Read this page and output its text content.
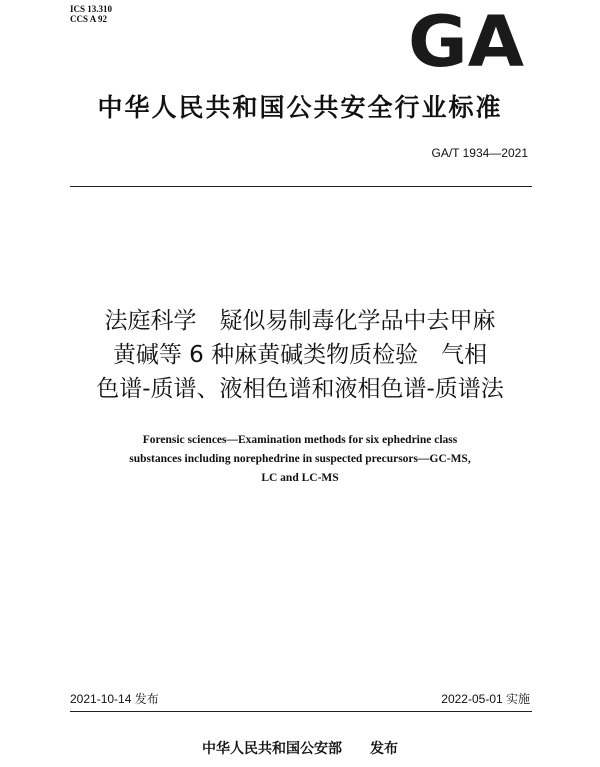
ICS 13.310
CCS A 92	GA
中华人民共和国公共安全行业标准
GA/T 1934—2021
法庭科学　疑似易制毒化学品中去甲麻
黄碱等 6 种麻黄碱类物质检验　气相
色谱-质谱、液相色谱和液相色谱-质谱法
Forensic sciences—Examination methods for six ephedrine class
substances including norephedrine in suspected precursors—GC-MS,
LC and LC-MS
2021-10-14 发布	2022-05-01 实施
中华人民共和国公安部　　发布
